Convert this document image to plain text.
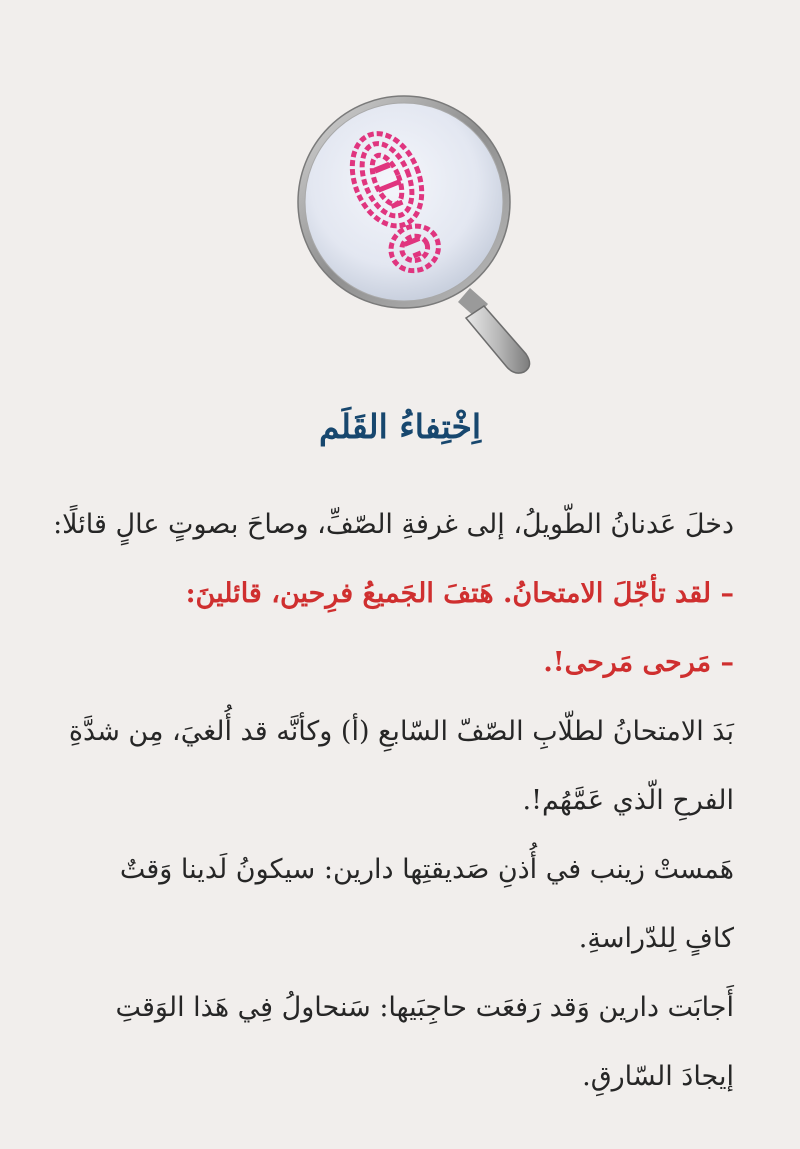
اِخْتِفاءُ القَلَم
دخلَ عَدنانُ الطّويلُ، إلى غرفةِ الصّفِّ، وصاحَ بصوتٍ عالٍ قائلًا:
– لقد تأجّلَ الامتحانُ. هَتفَ الجَميعُ فرِحين، قائلينَ:
– مَرحى مَرحى!.
بَدَ الامتحانُ لطلّابِ الصّفّ السّابعِ (أ) وكأنَّه قد أُلغيَ، مِن شدَّةِ
الفرحِ الّذي عَمَّهُم!.
هَمستْ زينب في أُذنِ صَديقتِها دارين: سيكونُ لَدينا وَقتٌ
كافٍ لِلدّراسةِ.
أَجابَت دارين وَقد رَفعَت حاجِبَيها: سَنحاولُ فِي هَذا الوَقتِ
إيجادَ السّارقِ.
